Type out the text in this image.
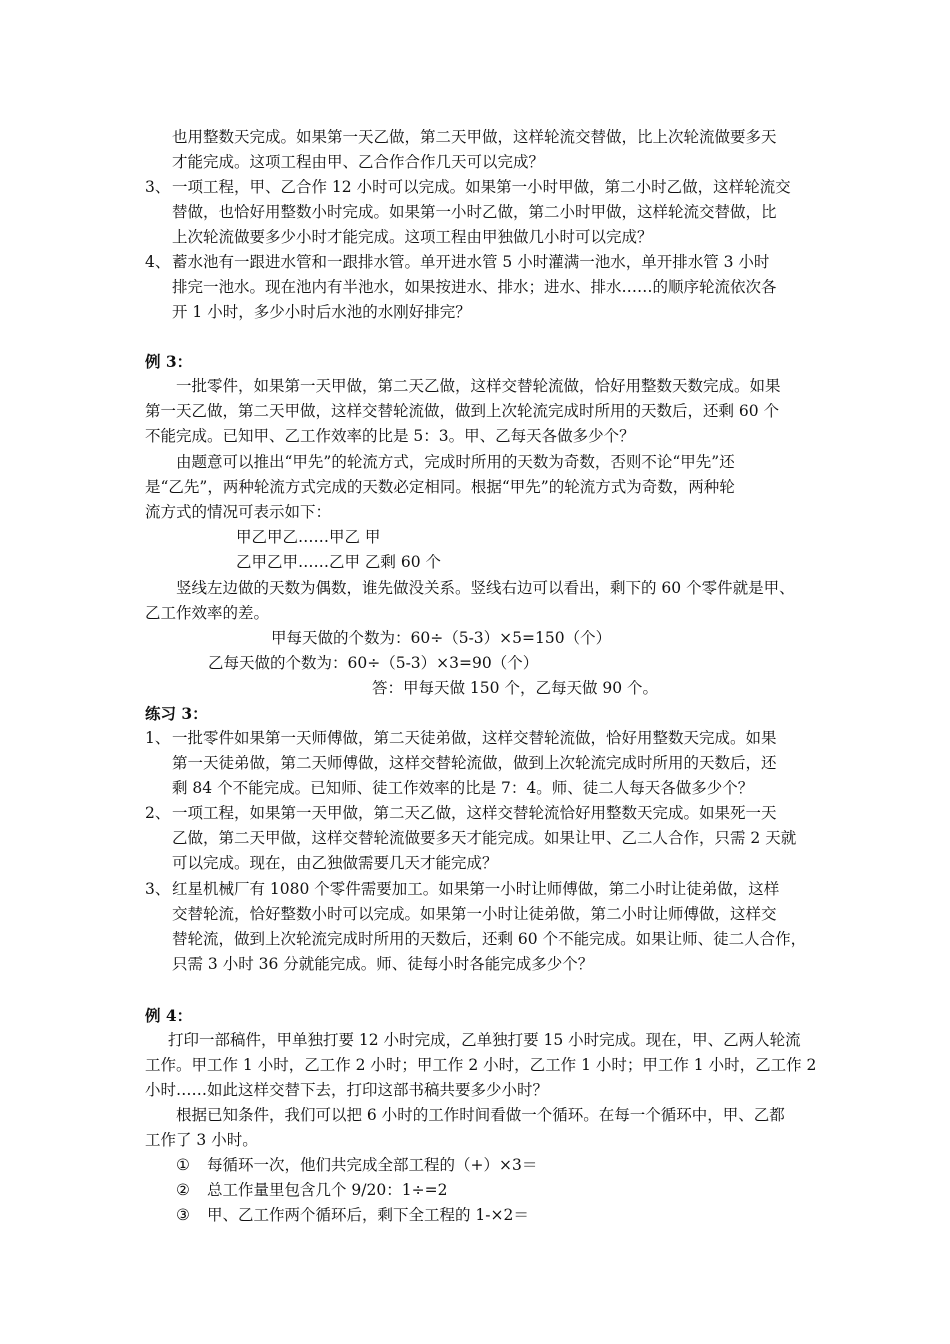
也用整数天完成。如果第一天乙做，第二天甲做，这样轮流交替做，比上次轮流做要多天
才能完成。这项工程由甲、乙合作合作几天可以完成？
3、 一项工程，甲、乙合作 12 小时可以完成。如果第一小时甲做，第二小时乙做，这样轮流交
替做，也恰好用整数小时完成。如果第一小时乙做，第二小时甲做，这样轮流交替做，比
上次轮流做要多少小时才能完成。这项工程由甲独做几小时可以完成？
4、 蓄水池有一跟进水管和一跟排水管。单开进水管 5 小时灌满一池水，单开排水管 3 小时
排完一池水。现在池内有半池水，如果按进水、排水；进水、排水……的顺序轮流依次各
开 1 小时，多少小时后水池的水刚好排完？
例 3：
一批零件，如果第一天甲做，第二天乙做，这样交替轮流做，恰好用整数天数完成。如果
第一天乙做，第二天甲做，这样交替轮流做，做到上次轮流完成时所用的天数后，还剩 60 个
不能完成。已知甲、乙工作效率的比是 5：3。甲、乙每天各做多少个？
由题意可以推出“甲先”的轮流方式，完成时所用的天数为奇数，否则不论“甲先”还
是“乙先”，两种轮流方式完成的天数必定相同。根据“甲先”的轮流方式为奇数，两种轮
流方式的情况可表示如下：
甲乙甲乙……甲乙 甲
乙甲乙甲……乙甲 乙剩 60 个
竖线左边做的天数为偶数，谁先做没关系。竖线右边可以看出，剩下的 60 个零件就是甲、
乙工作效率的差。
甲每天做的个数为：60÷（5-3）×5=150（个）
乙每天做的个数为：60÷（5-3）×3=90（个）
答：甲每天做 150 个，乙每天做 90 个。
练习 3：
1、 一批零件如果第一天师傅做，第二天徒弟做，这样交替轮流做，恰好用整数天完成。如果
第一天徒弟做，第二天师傅做，这样交替轮流做，做到上次轮流完成时所用的天数后，还
剩 84 个不能完成。已知师、徒工作效率的比是 7：4。师、徒二人每天各做多少个？
2、 一项工程，如果第一天甲做，第二天乙做，这样交替轮流恰好用整数天完成。如果死一天
乙做，第二天甲做，这样交替轮流做要多天才能完成。如果让甲、乙二人合作，只需 2 天就
可以完成。现在，由乙独做需要几天才能完成？
3、 红星机械厂有 1080 个零件需要加工。如果第一小时让师傅做，第二小时让徒弟做，这样
交替轮流，恰好整数小时可以完成。如果第一小时让徒弟做，第二小时让师傅做，这样交
替轮流，做到上次轮流完成时所用的天数后，还剩 60 个不能完成。如果让师、徒二人合作，
只需 3 小时 36 分就能完成。师、徒每小时各能完成多少个？
例 4：
打印一部稿件，甲单独打要 12 小时完成，乙单独打要 15 小时完成。现在，甲、乙两人轮流
工作。甲工作 1 小时，乙工作 2 小时；甲工作 2 小时，乙工作 1 小时；甲工作 1 小时，乙工作 2
小时……如此这样交替下去，打印这部书稿共要多少小时？
根据已知条件，我们可以把 6 小时的工作时间看做一个循环。在每一个循环中，甲、乙都
工作了 3 小时。
① 每循环一次，他们共完成全部工程的（+）×3＝
② 总工作量里包含几个 9/20：1÷=2
③ 甲、乙工作两个循环后，剩下全工程的 1-×2＝
